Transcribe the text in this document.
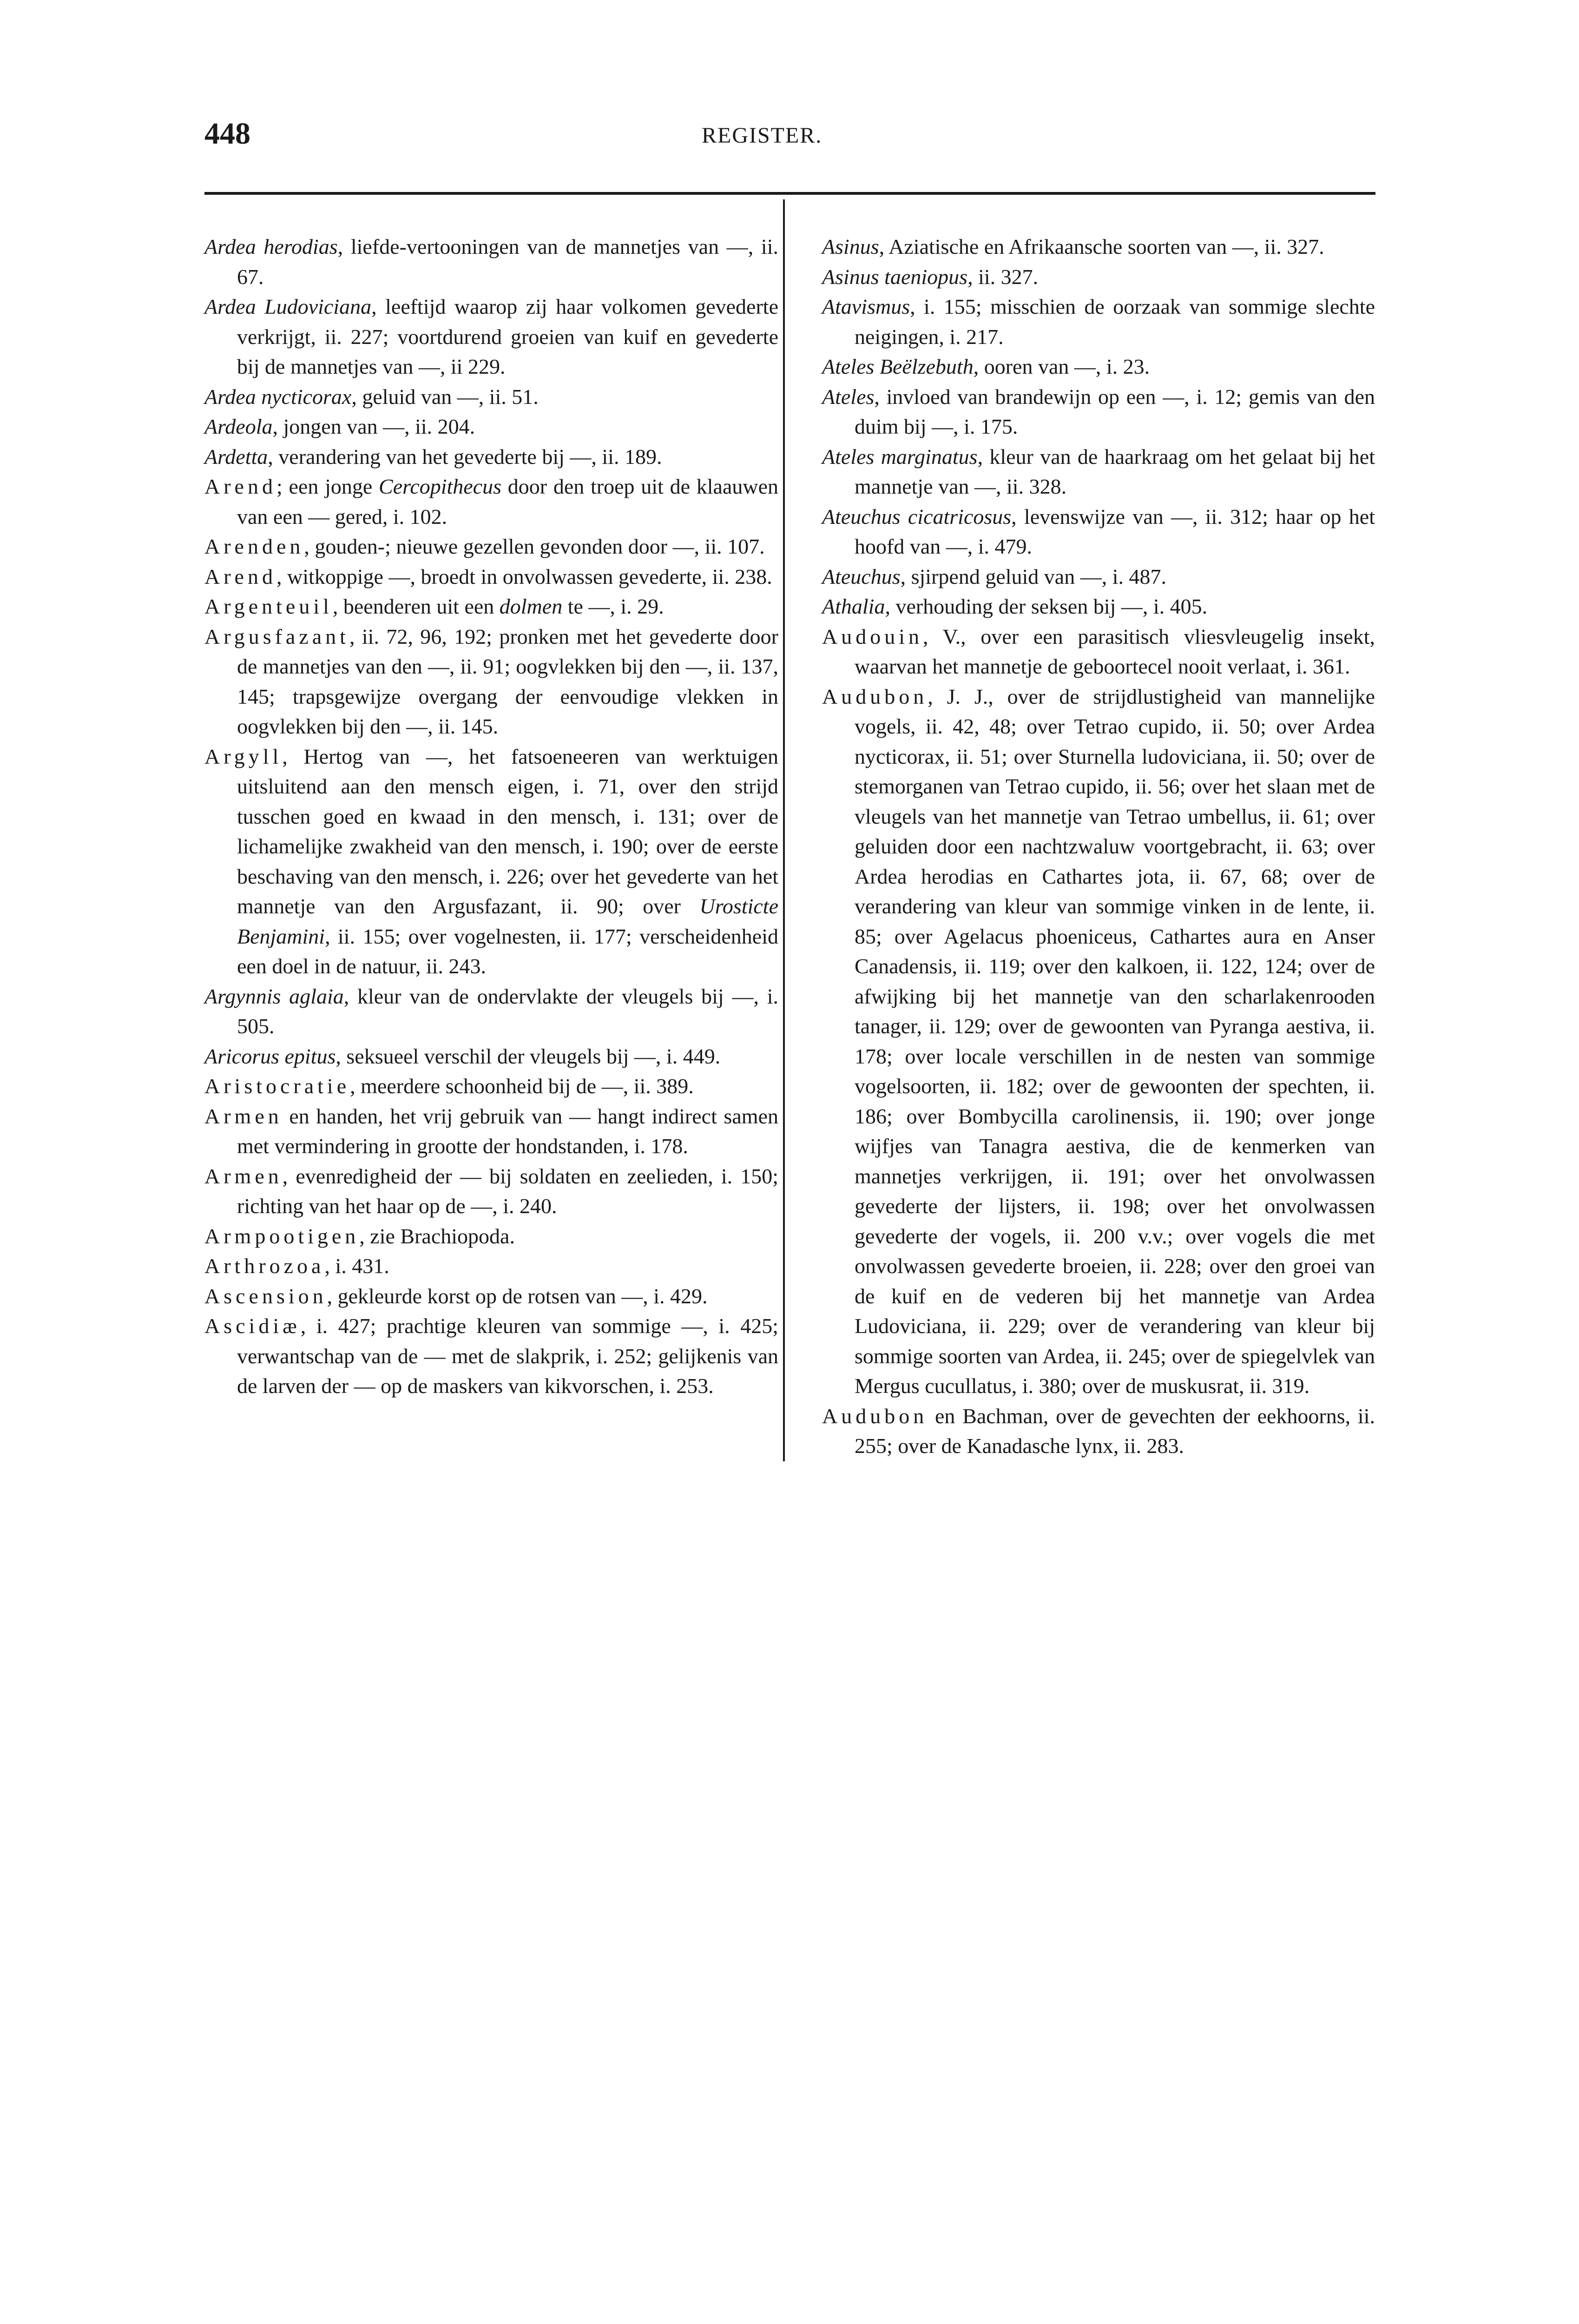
448	REGISTER.

Ardea herodias, liefde-vertooningen van de mannetjes van —, ii. 67.

Ardea Ludoviciana, leeftijd waarop zij haar volkomen gevederte verkrijgt, ii. 227; voortdurend groeien van kuif en gevederte bij de mannetjes van —, ii 229.

Ardea nycticorax, geluid van —, ii. 51.

Ardeola, jongen van —, ii. 204.

Ardetta, verandering van het gevederte bij —, ii. 189.

Arend; een jonge Cercopithecus door den troep uit de klaauwen van een — gered, i. 102.

Arenden, gouden-; nieuwe gezellen gevonden door —, ii. 107.

Arend, witkoppige —, broedt in onvolwassen gevederte, ii. 238.

Argenteuil, beenderen uit een dolmen te —, i. 29.

Argusfazant, ii. 72, 96, 192; pronken met het gevederte door de mannetjes van den —, ii. 91; oogvlekken bij den —, ii. 137, 145; trapsgewijze overgang der eenvoudige vlekken in oogvlekken bij den —, ii. 145.

Argyll, Hertog van —, het fatsoeneeren van werktuigen uitsluitend aan den mensch eigen, i. 71, over den strijd tusschen goed en kwaad in den mensch, i. 131; over de lichamelijke zwakheid van den mensch, i. 190; over de eerste beschaving van den mensch, i. 226; over het gevederte van het mannetje van den Argusfazant, ii. 90; over Urosticte Benjamini, ii. 155; over vogelnesten, ii. 177; verscheidenheid een doel in de natuur, ii. 243.

Argynnis aglaia, kleur van de ondervlakte der vleugels bij —, i. 505.

Aricorus epitus, seksueel verschil der vleugels bij —, i. 449.

Aristocratie, meerdere schoonheid bij de —, ii. 389.

Armen en handen, het vrij gebruik van — hangt indirect samen met vermindering in grootte der hondstanden, i. 178.

Armen, evenredigheid der — bij soldaten en zeelieden, i. 150; richting van het haar op de —, i. 240.

Armpootigen, zie Brachiopoda.

Arthrozoa, i. 431.

Ascension, gekleurde korst op de rotsen van —, i. 429.

Ascidiæ, i. 427; prachtige kleuren van sommige —, i. 425; verwantschap van de — met de slakprik, i. 252; gelijkenis van de larven der — op de maskers van kikvorschen, i. 253.

Asinus, Aziatische en Afrikaansche soorten van —, ii. 327.

Asinus taeniopus, ii. 327.

Atavismus, i. 155; misschien de oorzaak van sommige slechte neigingen, i. 217.

Ateles Beëlzebuth, ooren van —, i. 23.

Ateles, invloed van brandewijn op een —, i. 12; gemis van den duim bij —, i. 175.

Ateles marginatus, kleur van de haarkraag om het gelaat bij het mannetje van —, ii. 328.

Ateuchus cicatricosus, levenswijze van —, ii. 312; haar op het hoofd van —, i. 479.

Ateuchus, sjirpend geluid van —, i. 487.

Athalia, verhouding der seksen bij —, i. 405.

Audouin, V., over een parasitisch vliesvleugelig insekt, waarvan het mannetje de geboortecel nooit verlaat, i. 361.

Audubon, J. J., over de strijdlustigheid van mannelijke vogels, ii. 42, 48; over Tetrao cupido, ii. 50; over Ardea nycticorax, ii. 51; over Sturnella ludoviciana, ii. 50; over de stemorganen van Tetrao cupido, ii. 56; over het slaan met de vleugels van het mannetje van Tetrao umbellus, ii. 61; over geluiden door een nachtzwaluw voortgebracht, ii. 63; over Ardea herodias en Cathartes jota, ii. 67, 68; over de verandering van kleur van sommige vinken in de lente, ii. 85; over Agelacus phoeniceus, Cathartes aura en Anser Canadensis, ii. 119; over den kalkoen, ii. 122, 124; over de afwijking bij het mannetje van den scharlakenrooden tanager, ii. 129; over de gewoonten van Pyranga aestiva, ii. 178; over locale verschillen in de nesten van sommige vogelsoorten, ii. 182; over de gewoonten der spechten, ii. 186; over Bombycilla carolinensis, ii. 190; over jonge wijfjes van Tanagra aestiva, die de kenmerken van mannetjes verkrijgen, ii. 191; over het onvolwassen gevederte der lijsters, ii. 198; over het onvolwassen gevederte der vogels, ii. 200 v.v.; over vogels die met onvolwassen gevederte broeien, ii. 228; over den groei van de kuif en de vederen bij het mannetje van Ardea Ludoviciana, ii. 229; over de verandering van kleur bij sommige soorten van Ardea, ii. 245; over de spiegelvlek van Mergus cucullatus, i. 380; over de muskusrat, ii. 319.

Audubon en Bachman, over de gevechten der eekhoorns, ii. 255; over de Kanadasche lynx, ii. 283.
